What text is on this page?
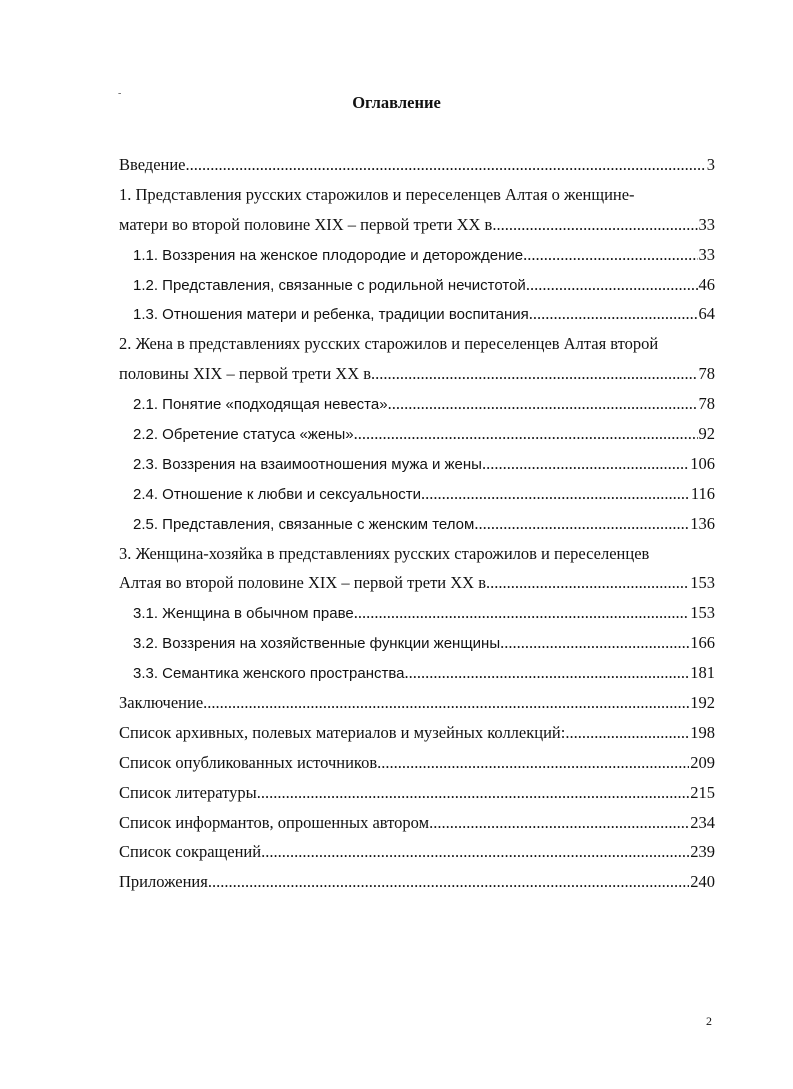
-	Оглавление
Введение .....	3
1. Представления русских старожилов и переселенцев Алтая о женщине-
матери во второй половине XIX – первой трети XX в. .....	33
1.1. Воззрения на женское плодородие и деторождение .....	33
1.2. Представления, связанные с родильной нечистотой .....	46
1.3. Отношения матери и ребенка, традиции воспитания .....	64
2. Жена в представлениях русских старожилов и переселенцев Алтая второй
половины XIX – первой трети XX в. .....	78
2.1. Понятие «подходящая невеста» .....	78
2.2. Обретение статуса «жены» .....	92
2.3. Воззрения на взаимоотношения мужа и жены .....	106
2.4. Отношение к любви и сексуальности .....	116
2.5. Представления, связанные с женским телом .....	136
3. Женщина-хозяйка в представлениях русских старожилов и переселенцев
Алтая во второй половине XIX – первой трети XX в. .....	153
3.1. Женщина в обычном праве .....	153
3.2. Воззрения на хозяйственные функции женщины .....	166
3.3. Семантика женского пространства .....	181
Заключение .....	192
Список архивных, полевых материалов и музейных коллекций: .....	198
Список опубликованных источников .....	209
Список литературы .....	215
Список информантов, опрошенных автором .....	234
Список сокращений .....	239
Приложения .....	240
2
